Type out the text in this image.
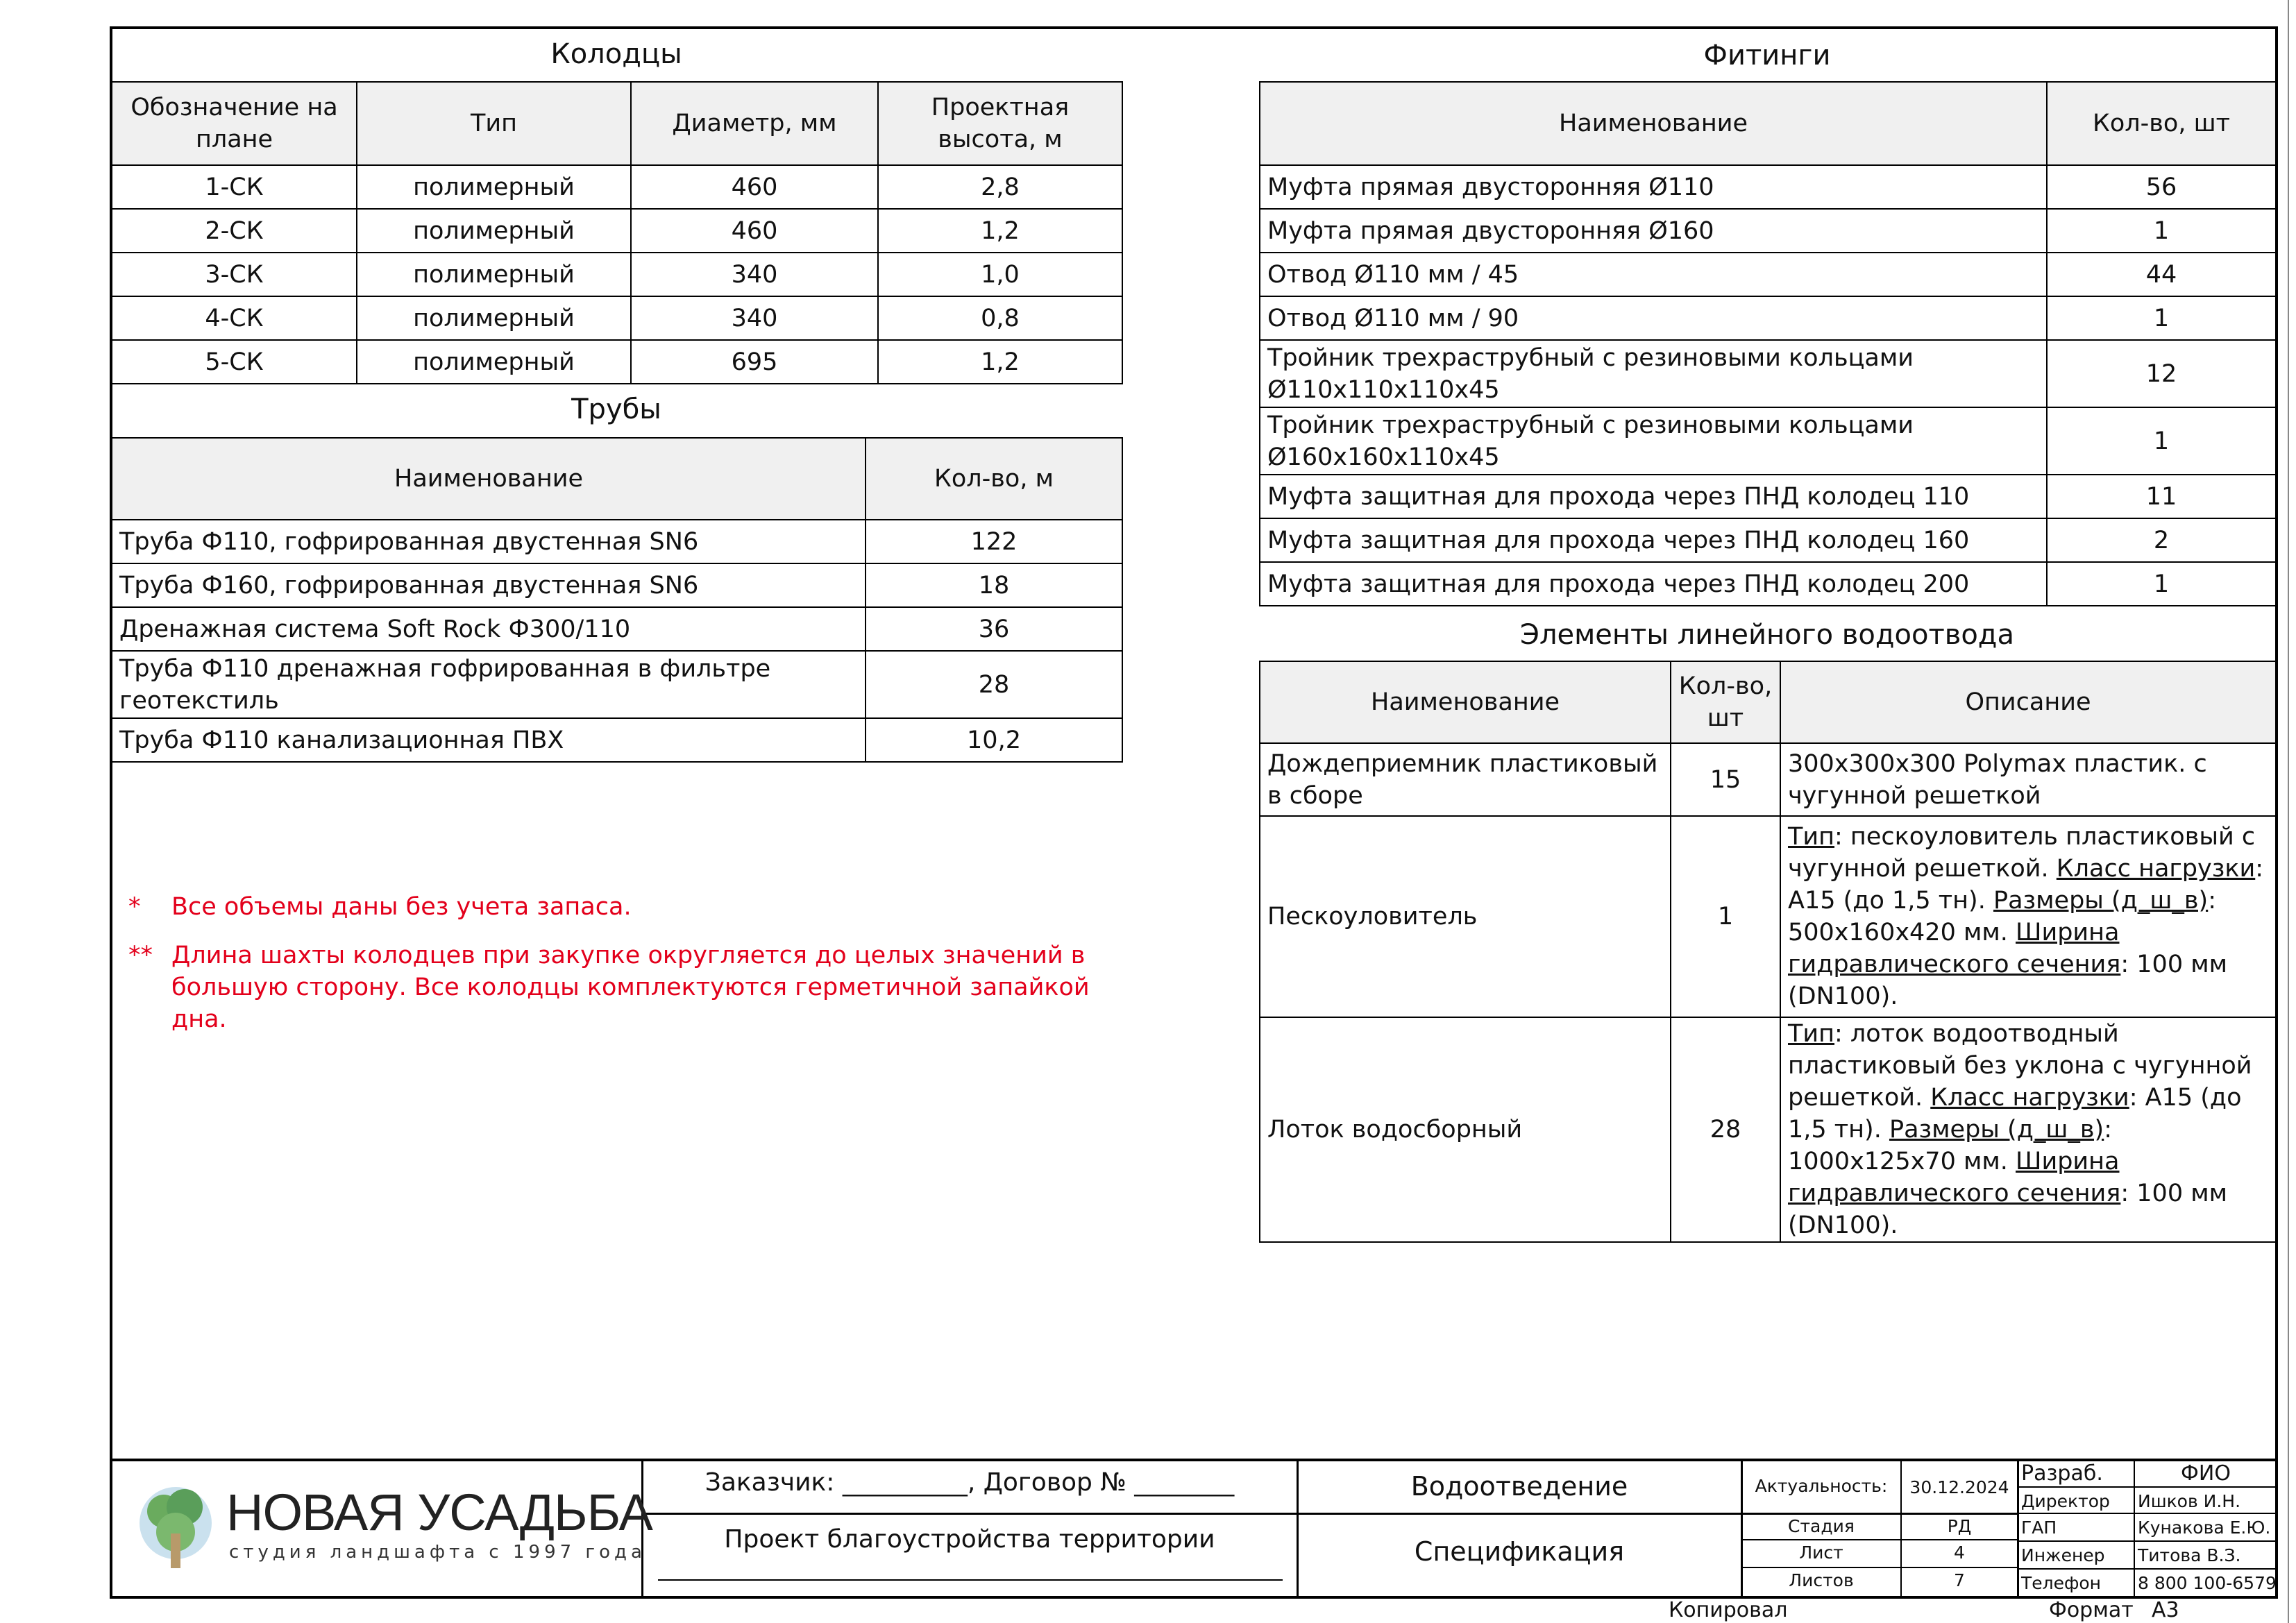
Колодцы
Обозначение на плане	Тип	Диаметр, мм	Проектная высота, м
1-СК	полимерный	460	2,8
2-СК	полимерный	460	1,2
3-СК	полимерный	340	1,0
4-СК	полимерный	340	0,8
5-СК	полимерный	695	1,2
Трубы
Наименование	Кол-во, м
Труба Ф110, гофрированная двустенная SN6	122
Труба Ф160, гофрированная двустенная SN6	18
Дренажная система Soft Rock Ф300/110	36
Труба Ф110 дренажная гофрированная в фильтре геотекстиль	28
Труба Ф110 канализационная ПВХ	10,2
* Все объемы даны без учета запаса.
** Длина шахты колодцев при закупке округляется до целых значений в большую сторону. Все колодцы комплектуются герметичной запайкой дна.
Фитинги
Наименование	Кол-во, шт
Муфта прямая двусторонняя Ø110	56
Муфта прямая двусторонняя Ø160	1
Отвод Ø110 мм / 45	44
Отвод Ø110 мм / 90	1
Тройник трехраструбный с резиновыми кольцами Ø110х110х110х45	12
Тройник трехраструбный с резиновыми кольцами Ø160х160х110х45	1
Муфта защитная для прохода через ПНД колодец 110	11
Муфта защитная для прохода через ПНД колодец 160	2
Муфта защитная для прохода через ПНД колодец 200	1
Элементы линейного водоотвода
Наименование	Кол-во, шт	Описание
Дождеприемник пластиковый в сборе	15	300х300х300 Polymax пластик. с чугунной решеткой
Пескоуловитель	1	Тип: пескоуловитель пластиковый с чугунной решеткой. Класс нагрузки: А15 (до 1,5 тн). Размеры (д_ш_в): 500х160х420 мм. Ширина гидравлического сечения: 100 мм (DN100).
Лоток водосборный	28	Тип: лоток водоотводный пластиковый без уклона с чугунной решеткой. Класс нагрузки: А15 (до 1,5 тн). Размеры (д_ш_в): 1000х125х70 мм. Ширина гидравлического сечения: 100 мм (DN100).
НОВАЯ УСАДЬБА
студия ландшафта с 1997 года
Заказчик: __________, Договор № ________
Проект благоустройства территории
Водоотведение
Спецификация
Актуальность:	30.12.2024
Стадия	РД
Лист	4
Листов	7
Разраб.	ФИО
Директор Ишков И.Н.
ГАП	Кунакова Е.Ю.
Инженер Титова В.З.
Телефон 8 800 100-6579
Копировал	Формат А3
